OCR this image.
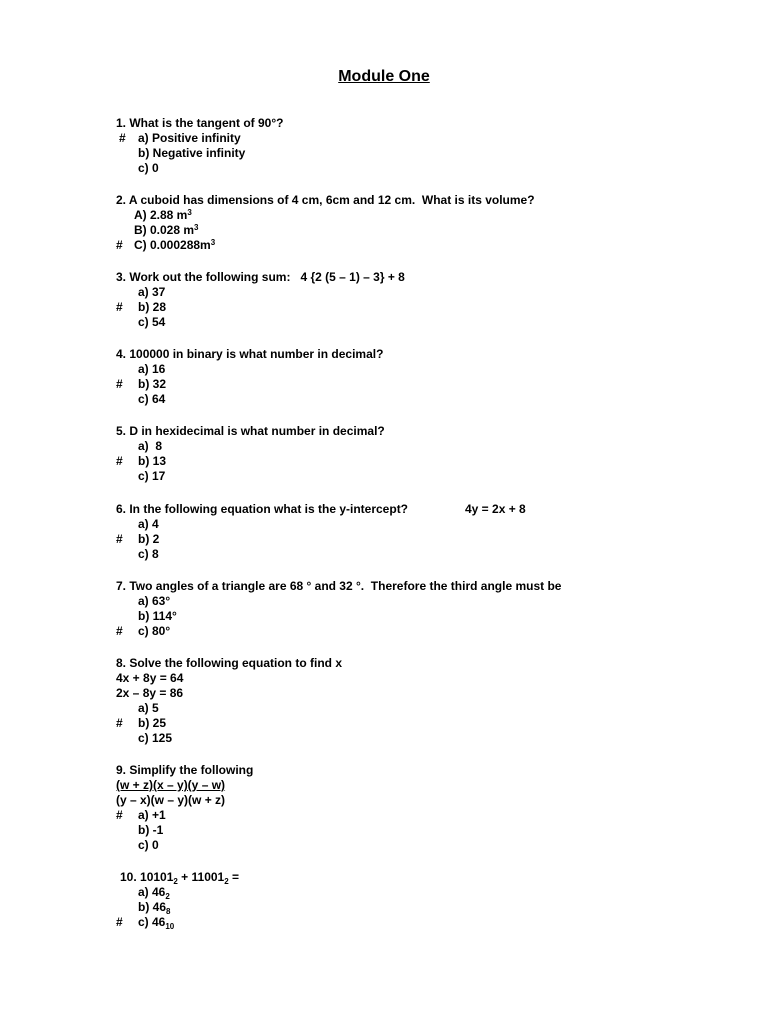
Module One
1. What is the tangent of 90°?
# a) Positive infinity
b) Negative infinity
c) 0
2. A cuboid has dimensions of 4 cm, 6cm and 12 cm.  What is its volume?
A) 2.88 $m^3$
B) 0.028 $m^3$
# C) $0.000288m^3$
3. Work out the following sum:   4 {2 (5 – 1) – 3} + 8
a) 37
# b) 28
c) 54
4. 100000 in binary is what number in decimal?
a) 16
# b) 32
c) 64
5. D in hexidecimal is what number in decimal?
a)  8
# b) 13
c) 17
6. In the following equation what is the y-intercept?	4y = 2x + 8
a) 4
# b) 2
c) 8
7. Two angles of a triangle are 68 ° and 32 °.  Therefore the third angle must be
a) 63°
b) 114°
# c) 80°
8. Solve the following equation to find x
4x + 8y = 64
2x – 8y = 86
a) 5
# b) 25
c) 125
9. Simplify the following
(w + z)(x – y)(y – w)
(y – x)(w – y)(w + z)
# a) +1
b) -1
c) 0
10. $10101_2 + 11001_2$ =
a) $46_2$
b) $46_8$
# c) $46_{10}$
